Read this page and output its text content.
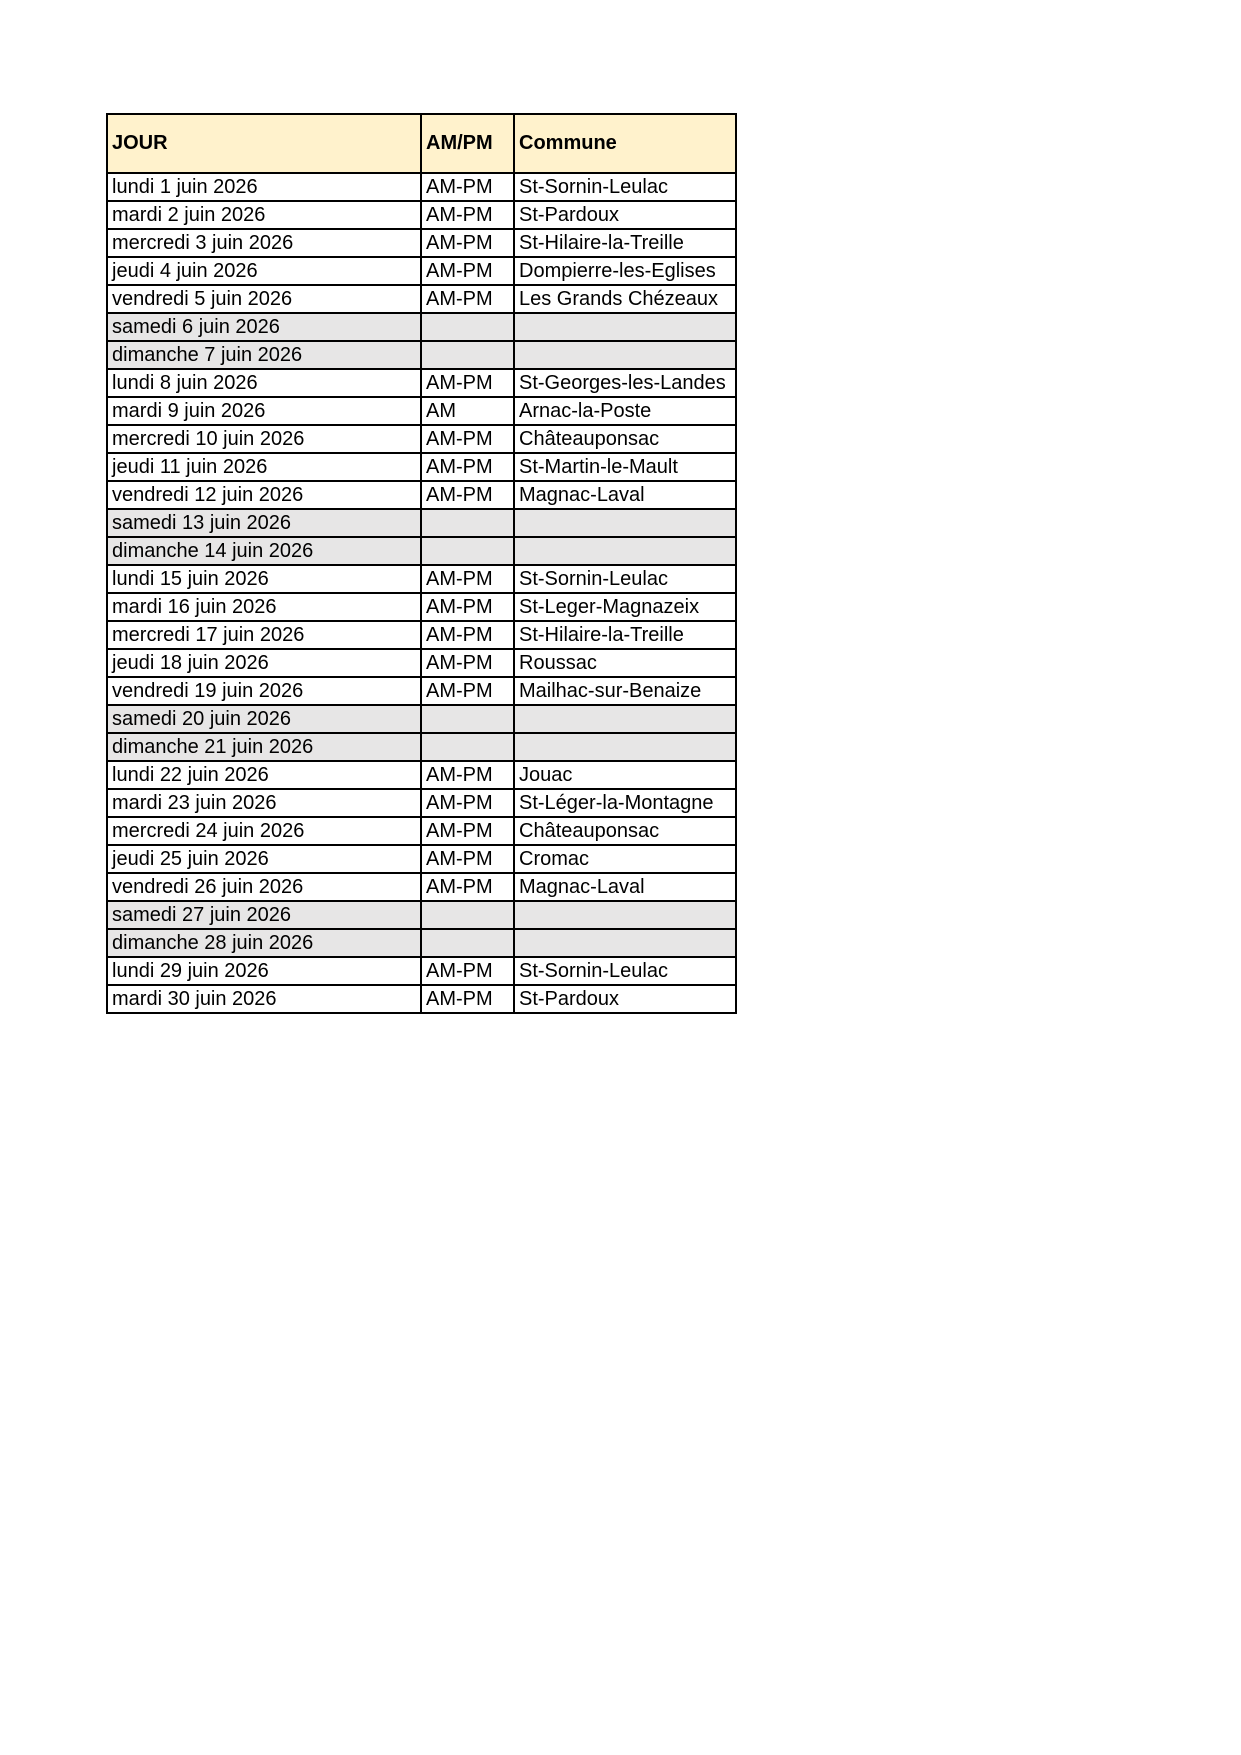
JOUR	AM/PM	Commune
lundi 1 juin 2026	AM-PM	St-Sornin-Leulac
mardi 2 juin 2026	AM-PM	St-Pardoux
mercredi 3 juin 2026	AM-PM	St-Hilaire-la-Treille
jeudi 4 juin 2026	AM-PM	Dompierre-les-Eglises
vendredi 5 juin 2026	AM-PM	Les Grands Chézeaux
samedi 6 juin 2026		
dimanche 7 juin 2026		
lundi 8 juin 2026	AM-PM	St-Georges-les-Landes
mardi 9 juin 2026	AM	Arnac-la-Poste
mercredi 10 juin 2026	AM-PM	Châteauponsac
jeudi 11 juin 2026	AM-PM	St-Martin-le-Mault
vendredi 12 juin 2026	AM-PM	Magnac-Laval
samedi 13 juin 2026		
dimanche 14 juin 2026		
lundi 15 juin 2026	AM-PM	St-Sornin-Leulac
mardi 16 juin 2026	AM-PM	St-Leger-Magnazeix
mercredi 17 juin 2026	AM-PM	St-Hilaire-la-Treille
jeudi 18 juin 2026	AM-PM	Roussac
vendredi 19 juin 2026	AM-PM	Mailhac-sur-Benaize
samedi 20 juin 2026		
dimanche 21 juin 2026		
lundi 22 juin 2026	AM-PM	Jouac
mardi 23 juin 2026	AM-PM	St-Léger-la-Montagne
mercredi 24 juin 2026	AM-PM	Châteauponsac
jeudi 25 juin 2026	AM-PM	Cromac
vendredi 26 juin 2026	AM-PM	Magnac-Laval
samedi 27 juin 2026		
dimanche 28 juin 2026		
lundi 29 juin 2026	AM-PM	St-Sornin-Leulac
mardi 30 juin 2026	AM-PM	St-Pardoux
